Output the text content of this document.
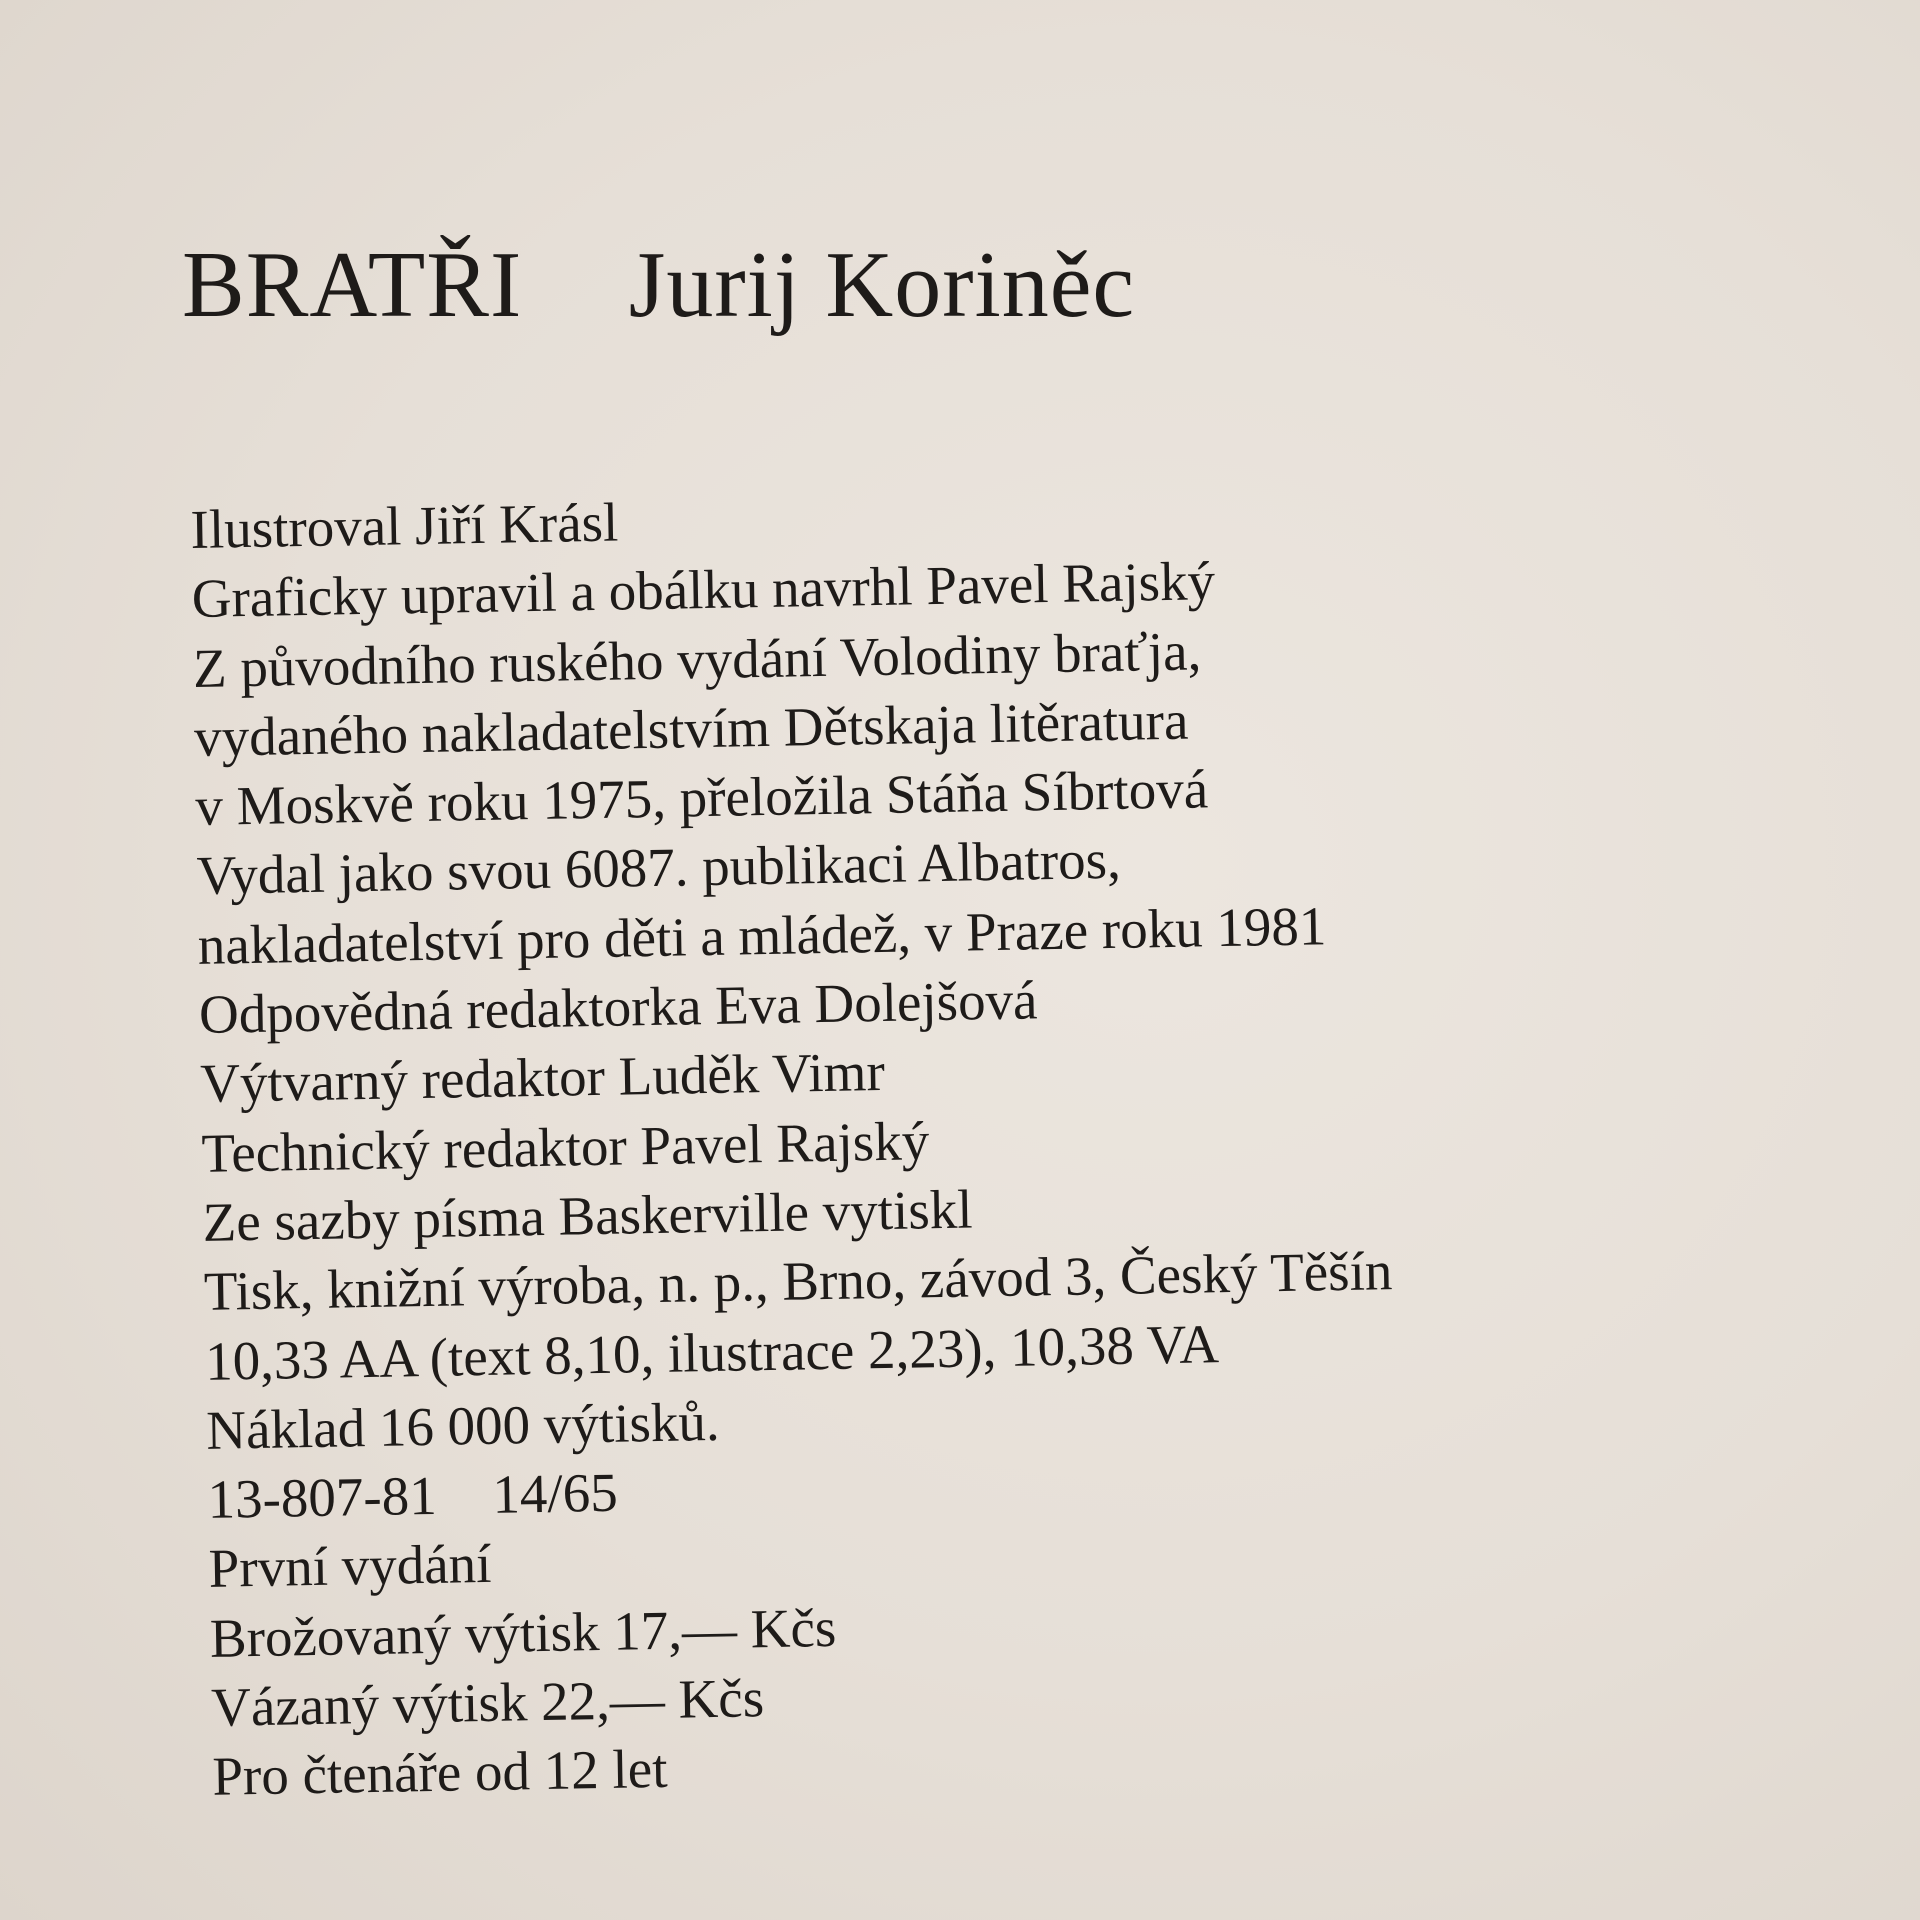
BRATŘI Jurij Koriněc
Ilustroval Jiří Krásl
Graficky upravil a obálku navrhl Pavel Rajský
Z původního ruského vydání Volodiny braťja,
vydaného nakladatelstvím Dětskaja litěratura
v Moskvě roku 1975, přeložila Stáňa Síbrtová
Vydal jako svou 6087. publikaci Albatros,
nakladatelství pro děti a mládež, v Praze roku 1981
Odpovědná redaktorka Eva Dolejšová
Výtvarný redaktor Luděk Vimr
Technický redaktor Pavel Rajský
Ze sazby písma Baskerville vytiskl
Tisk, knižní výroba, n. p., Brno, závod 3, Český Těšín
10,33 AA (text 8,10, ilustrace 2,23), 10,38 VA
Náklad 16 000 výtisků.
13-807-81 14/65
První vydání
Brožovaný výtisk 17,— Kčs
Vázaný výtisk 22,— Kčs
Pro čtenáře od 12 let
